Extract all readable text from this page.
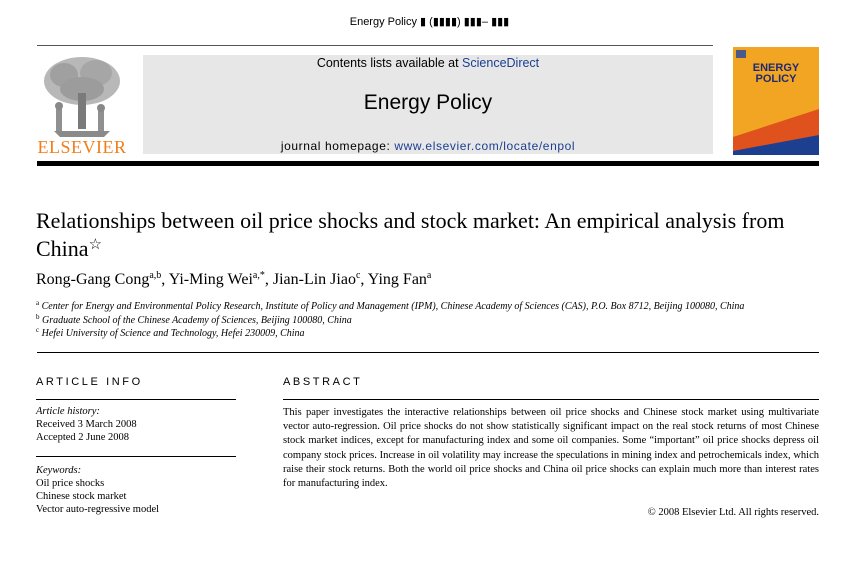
Energy Policy ▮ (▮▮▮▮) ▮▮▮– ▮▮▮
ELSEVIER
Contents lists available at ScienceDirect
Energy Policy
journal homepage: www.elsevier.com/locate/enpol
ENERGY
POLICY
Relationships between oil price shocks and stock market: An empirical analysis from China☆
Rong-Gang Cong$^{a,b}$, Yi-Ming Wei$^{a,*}$, Jian-Lin Jiao$^c$, Ying Fan$^a$
$^a$ Center for Energy and Environmental Policy Research, Institute of Policy and Management (IPM), Chinese Academy of Sciences (CAS), P.O. Box 8712, Beijing 100080, China
$^b$ Graduate School of the Chinese Academy of Sciences, Beijing 100080, China
$^c$ Hefei University of Science and Technology, Hefei 230009, China
ARTICLE INFO	ABSTRACT
Article history:
Received 3 March 2008
Accepted 2 June 2008
Keywords:
Oil price shocks
Chinese stock market
Vector auto-regressive model
This paper investigates the interactive relationships between oil price shocks and Chinese stock market using multivariate vector auto-regression. Oil price shocks do not show statistically significant impact on the real stock returns of most Chinese stock market indices, except for manufacturing index and some oil companies. Some “important” oil price shocks depress oil company stock prices. Increase in oil volatility may increase the speculations in mining index and petrochemicals index, which raise their stock returns. Both the world oil price shocks and China oil price shocks can explain much more than interest rates for manufacturing index.
© 2008 Elsevier Ltd. All rights reserved.
